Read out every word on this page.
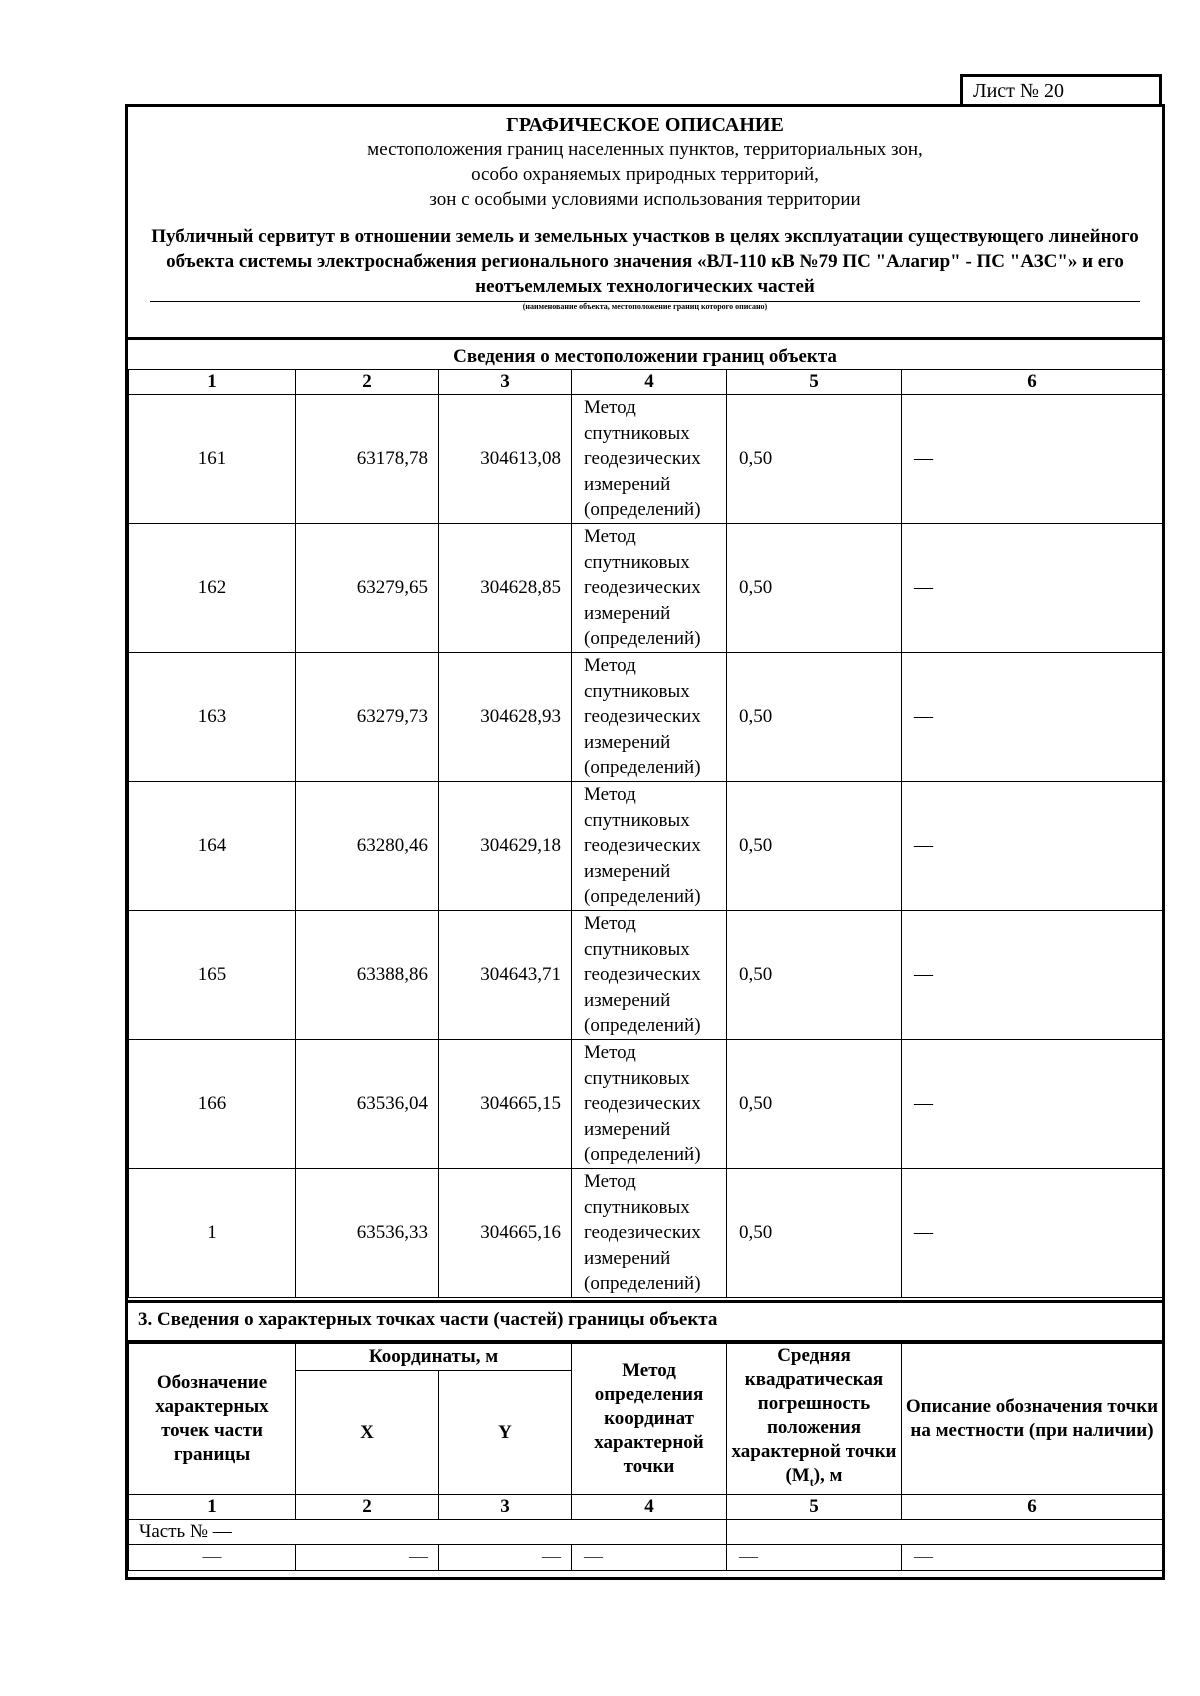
Лист № 20
ГРАФИЧЕСКОЕ ОПИСАНИЕ
местоположения границ населенных пунктов, территориальных зон,
особо охраняемых природных территорий,
зон с особыми условиями использования территории
Публичный сервитут в отношении земель и земельных участков в целях эксплуатации существующего линейного объекта системы электроснабжения регионального значения «ВЛ-110 кВ №79 ПС "Алагир" - ПС "АЗС"» и его неотъемлемых технологических частей
(наименование объекта, местоположение границ которого описано)
Сведения о местоположении границ объекта
1	2	3	4	5	6
161	63178,78	304613,08	Метод спутниковых геодезических измерений (определений)	0,50	—
162	63279,65	304628,85	Метод спутниковых геодезических измерений (определений)	0,50	—
163	63279,73	304628,93	Метод спутниковых геодезических измерений (определений)	0,50	—
164	63280,46	304629,18	Метод спутниковых геодезических измерений (определений)	0,50	—
165	63388,86	304643,71	Метод спутниковых геодезических измерений (определений)	0,50	—
166	63536,04	304665,15	Метод спутниковых геодезических измерений (определений)	0,50	—
1	63536,33	304665,16	Метод спутниковых геодезических измерений (определений)	0,50	—
3. Сведения о характерных точках части (частей) границы объекта
Обозначение характерных точек части границы	Координаты, м		Метод определения координат характерной точки	Средняя квадратическая погрешность положения характерной точки $(М_t)$, м	Описание обозначения точки на местности (при наличии)
	X	Y			
1	2	3	4	5	6
Часть № —					
—	—	—	—	—	—
